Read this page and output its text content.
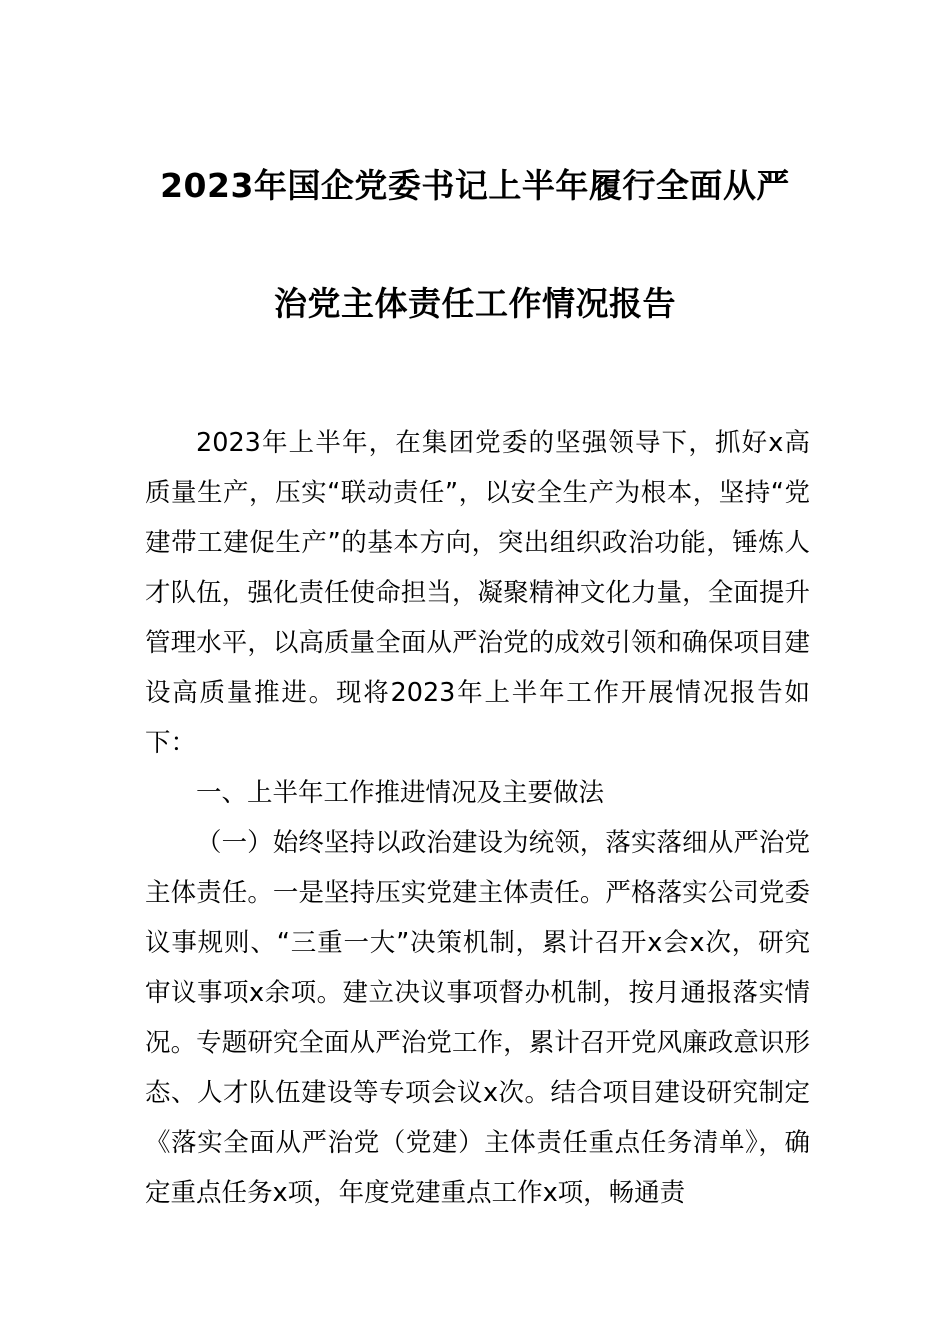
2023年国企党委书记上半年履行全面从严
治党主体责任工作情况报告

2023年上半年，在集团党委的坚强领导下，抓好x高质量生产，压实“联动责任”，以安全生产为根本，坚持“党建带工建促生产”的基本方向，突出组织政治功能，锤炼人才队伍，强化责任使命担当，凝聚精神文化力量，全面提升管理水平，以高质量全面从严治党的成效引领和确保项目建设高质量推进。现将2023年上半年工作开展情况报告如下：

一、上半年工作推进情况及主要做法

（一）始终坚持以政治建设为统领，落实落细从严治党主体责任。一是坚持压实党建主体责任。严格落实公司党委议事规则、“三重一大”决策机制，累计召开x会x次，研究审议事项x余项。建立决议事项督办机制，按月通报落实情况。专题研究全面从严治党工作，累计召开党风廉政意识形态、人才队伍建设等专项会议x次。结合项目建设研究制定《落实全面从严治党（党建）主体责任重点任务清单》，确定重点任务x项，年度党建重点工作x项，畅通责
